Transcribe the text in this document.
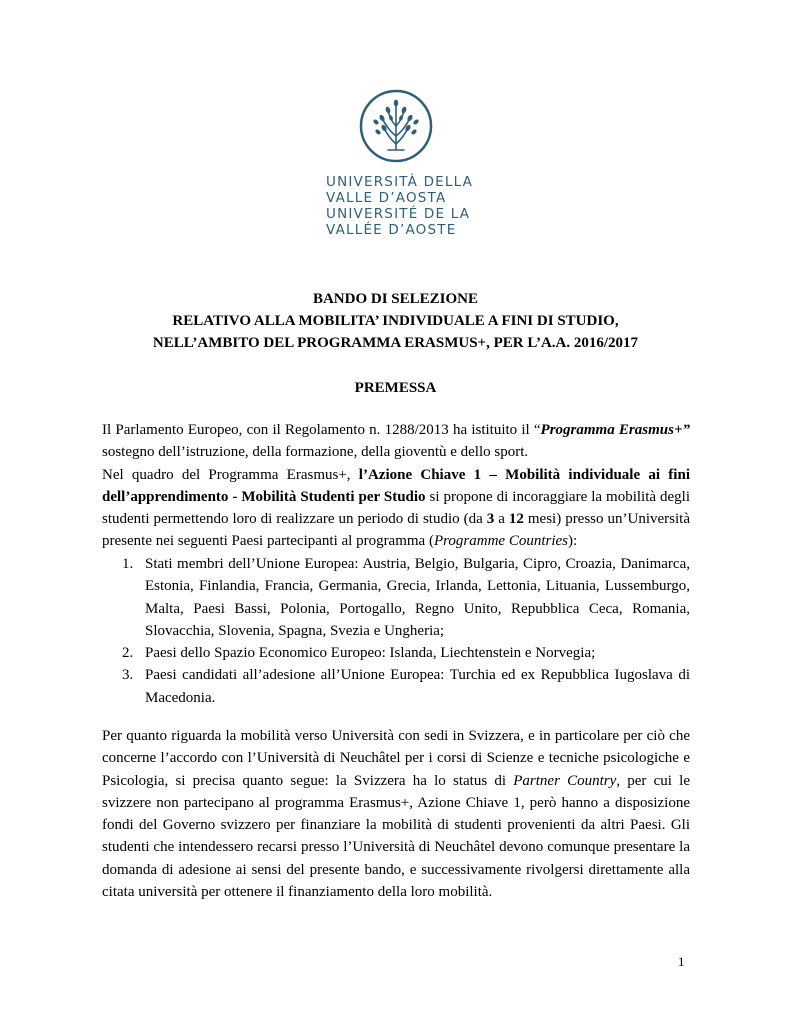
UNIVERSITÀ DELLA
VALLE D’AOSTA
UNIVERSITÉ DE LA
VALLÉE D’AOSTE
BANDO DI SELEZIONE
RELATIVO ALLA MOBILITA’ INDIVIDUALE A FINI DI STUDIO,
NELL’AMBITO DEL PROGRAMMA ERASMUS+, PER L’A.A. 2016/2017
PREMESSA
Il Parlamento Europeo, con il Regolamento n. 1288/2013 ha istituito il “Programma Erasmus+”
sostegno dell’istruzione, della formazione, della gioventù e dello sport.
Nel quadro del Programma Erasmus+, l’Azione Chiave 1 – Mobilità individuale ai fini
dell’apprendimento - Mobilità Studenti per Studio si propone di incoraggiare la mobilità degli
studenti permettendo loro di realizzare un periodo di studio (da 3 a 12 mesi) presso un’Università
presente nei seguenti Paesi partecipanti al programma (Programme Countries):
1. Stati membri dell’Unione Europea: Austria, Belgio, Bulgaria, Cipro, Croazia, Danimarca,
Estonia, Finlandia, Francia, Germania, Grecia, Irlanda, Lettonia, Lituania, Lussemburgo,
Malta, Paesi Bassi, Polonia, Portogallo, Regno Unito, Repubblica Ceca, Romania,
Slovacchia, Slovenia, Spagna, Svezia e Ungheria;
2. Paesi dello Spazio Economico Europeo: Islanda, Liechtenstein e Norvegia;
3. Paesi candidati all’adesione all’Unione Europea: Turchia ed ex Repubblica Iugoslava di
Macedonia.
Per quanto riguarda la mobilità verso Università con sedi in Svizzera, e in particolare per ciò che
concerne l’accordo con l’Università di Neuchâtel per i corsi di Scienze e tecniche psicologiche e
Psicologia, si precisa quanto segue: la Svizzera ha lo status di Partner Country, per cui le
svizzere non partecipano al programma Erasmus+, Azione Chiave 1, però hanno a disposizione
fondi del Governo svizzero per finanziare la mobilità di studenti provenienti da altri Paesi. Gli
studenti che intendessero recarsi presso l’Università di Neuchâtel devono comunque presentare la
domanda di adesione ai sensi del presente bando, e successivamente rivolgersi direttamente alla
citata università per ottenere il finanziamento della loro mobilità.
1
